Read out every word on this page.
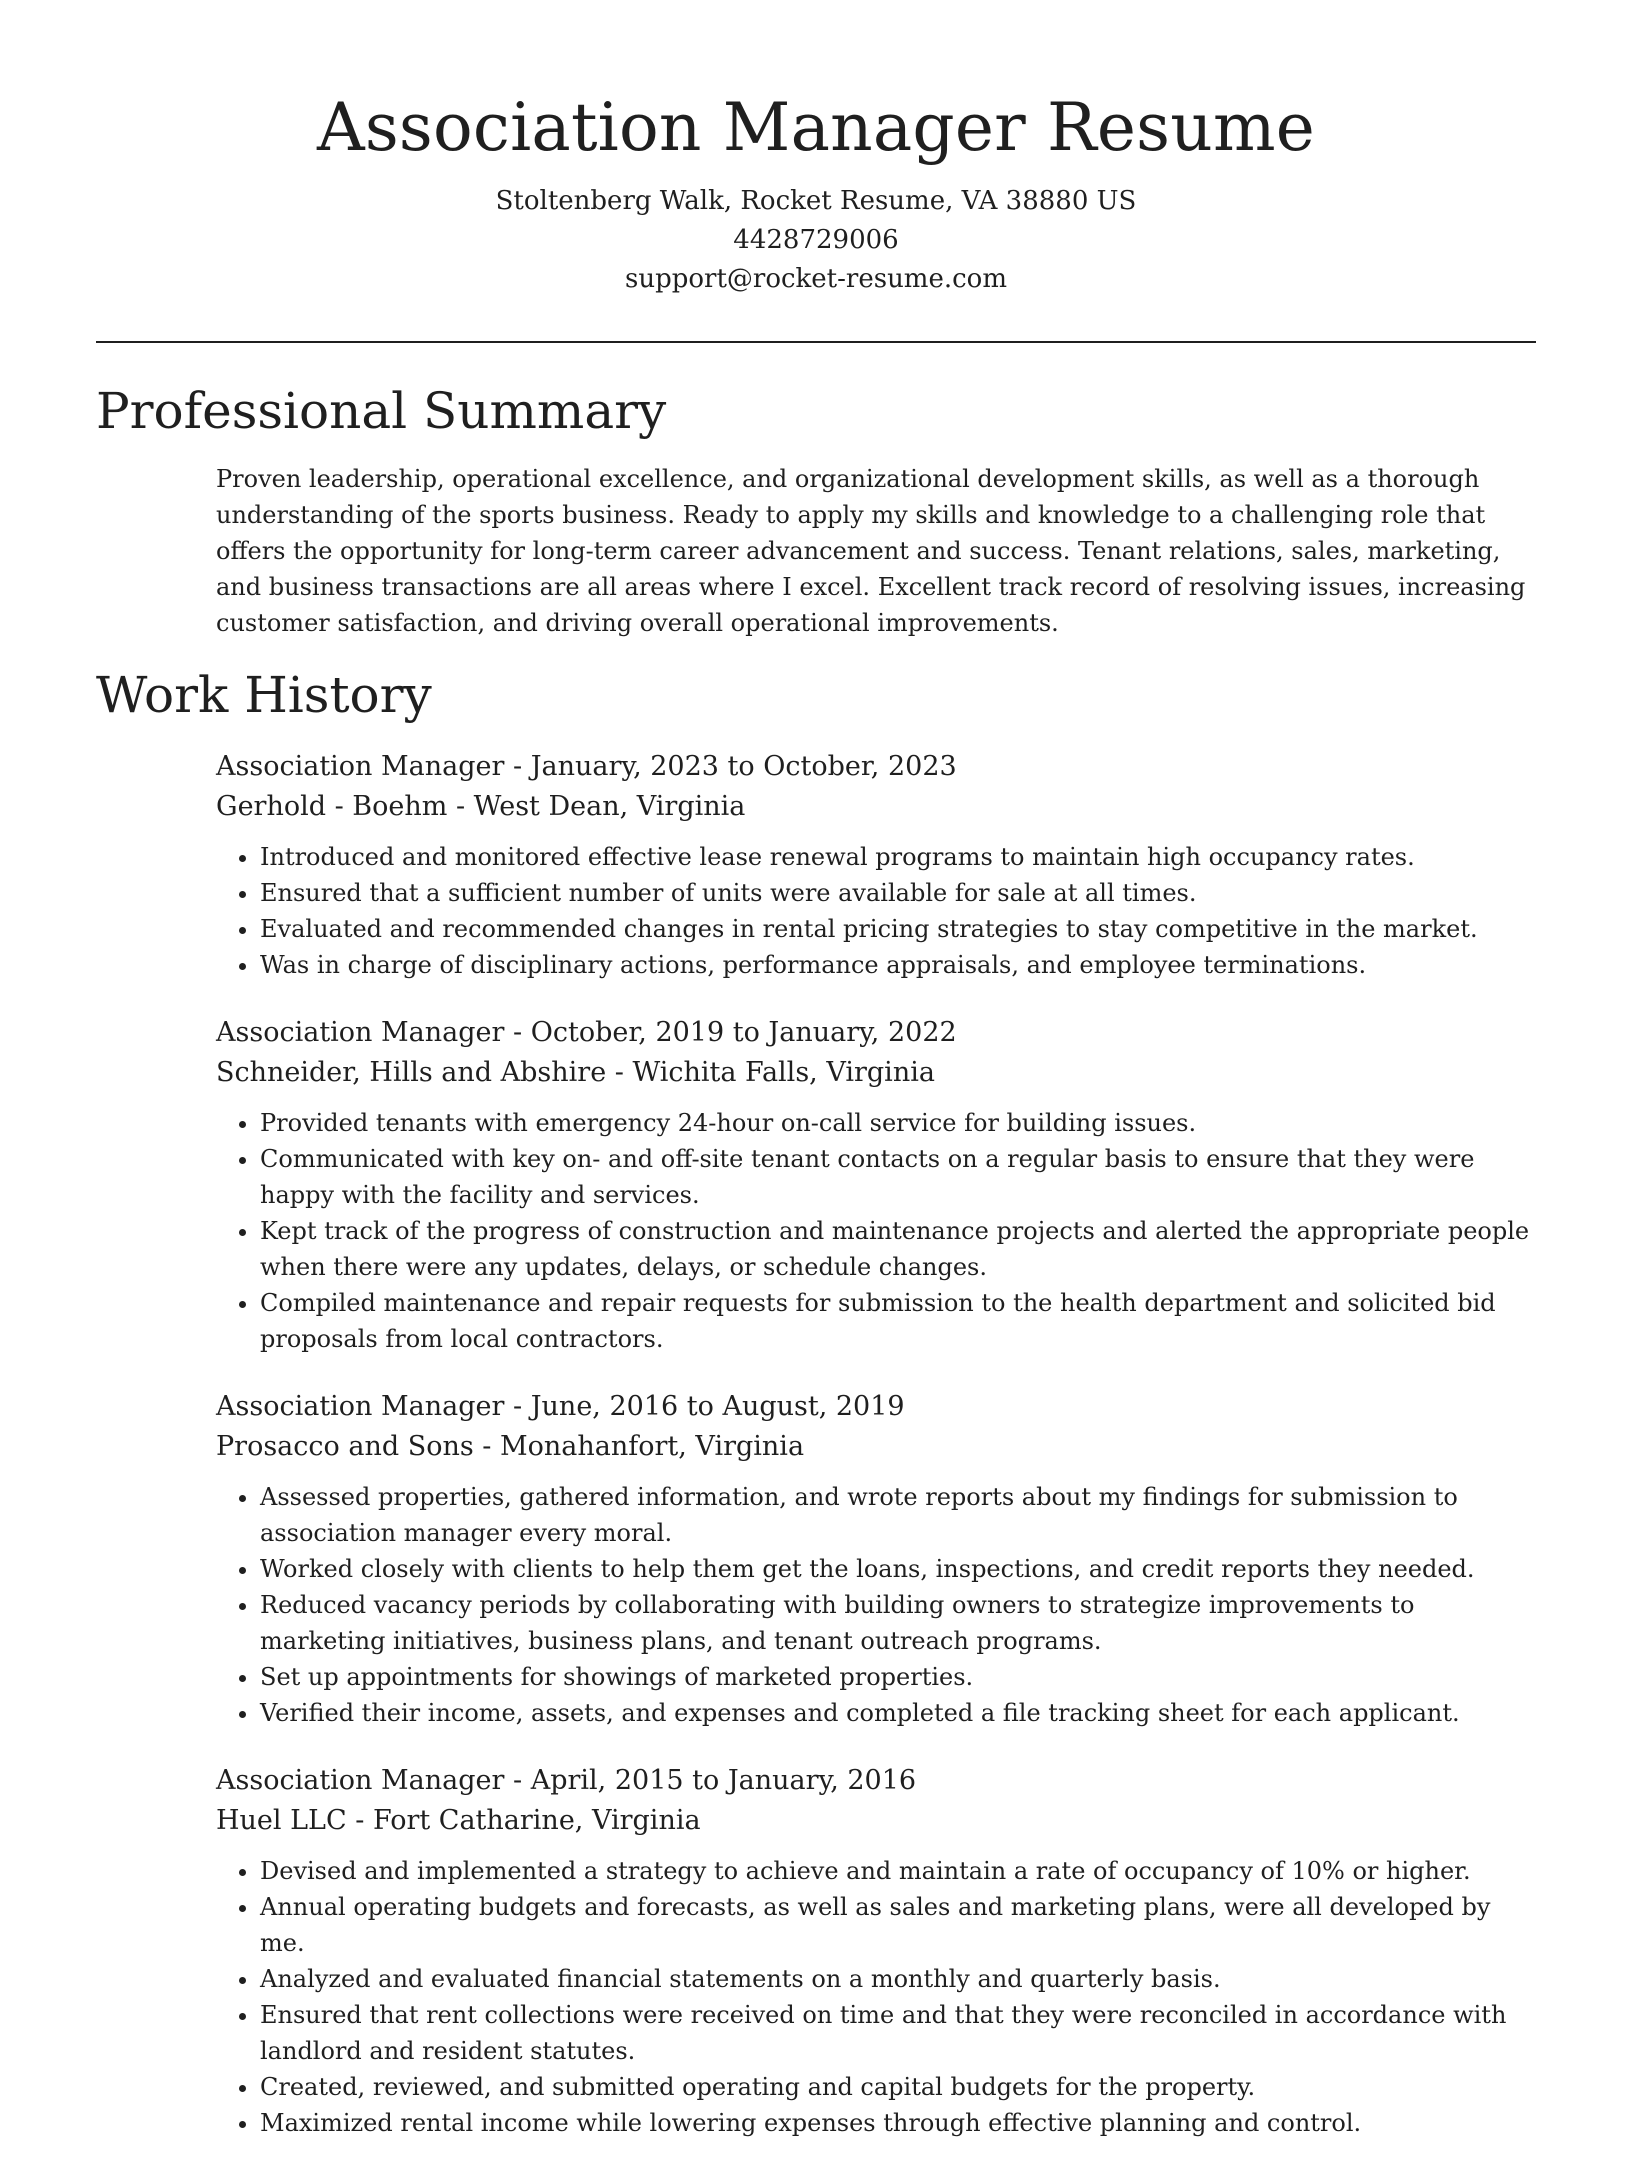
Association Manager Resume
Stoltenberg Walk, Rocket Resume, VA 38880 US
4428729006
support@rocket-resume.com
Professional Summary

Proven leadership, operational excellence, and organizational development skills, as well as a thorough understanding of the sports business. Ready to apply my skills and knowledge to a challenging role that offers the opportunity for long-term career advancement and success. Tenant relations, sales, marketing, and business transactions are all areas where I excel. Excellent track record of resolving issues, increasing customer satisfaction, and driving overall operational improvements.

Work History

Association Manager - January, 2023 to October, 2023

Gerhold - Boehm - West Dean, Virginia

• Introduced and monitored effective lease renewal programs to maintain high occupancy rates.
• Ensured that a sufficient number of units were available for sale at all times.
• Evaluated and recommended changes in rental pricing strategies to stay competitive in the market.
• Was in charge of disciplinary actions, performance appraisals, and employee terminations.

Association Manager - October, 2019 to January, 2022

Schneider, Hills and Abshire - Wichita Falls, Virginia

• Provided tenants with emergency 24-hour on-call service for building issues.
• Communicated with key on- and off-site tenant contacts on a regular basis to ensure that they were happy with the facility and services.
• Kept track of the progress of construction and maintenance projects and alerted the appropriate people when there were any updates, delays, or schedule changes.
• Compiled maintenance and repair requests for submission to the health department and solicited bid proposals from local contractors.

Association Manager - June, 2016 to August, 2019

Prosacco and Sons - Monahanfort, Virginia

• Assessed properties, gathered information, and wrote reports about my findings for submission to association manager every moral.
• Worked closely with clients to help them get the loans, inspections, and credit reports they needed.
• Reduced vacancy periods by collaborating with building owners to strategize improvements to marketing initiatives, business plans, and tenant outreach programs.
• Set up appointments for showings of marketed properties.
• Verified their income, assets, and expenses and completed a file tracking sheet for each applicant.

Association Manager - April, 2015 to January, 2016

Huel LLC - Fort Catharine, Virginia

• Devised and implemented a strategy to achieve and maintain a rate of occupancy of 10% or higher.
• Annual operating budgets and forecasts, as well as sales and marketing plans, were all developed by me.
• Analyzed and evaluated financial statements on a monthly and quarterly basis.
• Ensured that rent collections were received on time and that they were reconciled in accordance with landlord and resident statutes.
• Created, reviewed, and submitted operating and capital budgets for the property.
• Maximized rental income while lowering expenses through effective planning and control.
